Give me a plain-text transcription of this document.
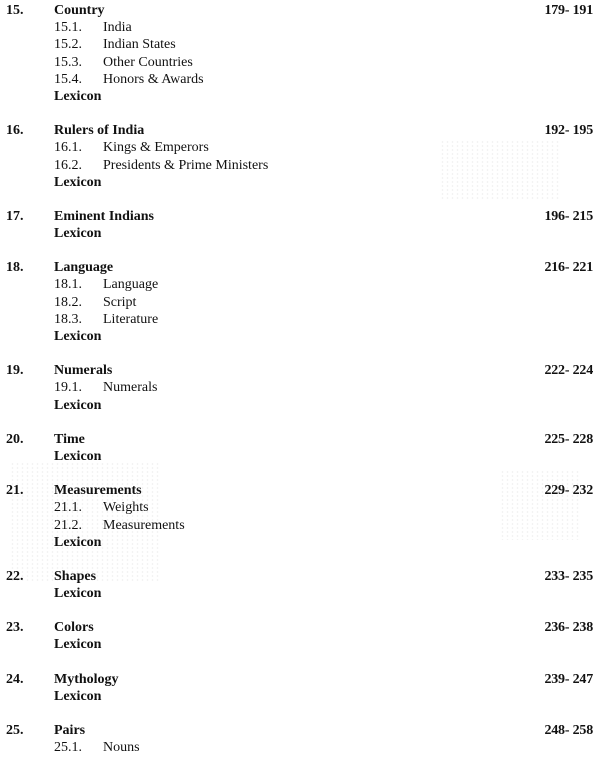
15. Country	179- 191
15.1. India
15.2. Indian States
15.3. Other Countries
15.4. Honors & Awards
Lexicon
16. Rulers of India	192- 195
16.1. Kings & Emperors
16.2. Presidents & Prime Ministers
Lexicon
17. Eminent Indians	196- 215
Lexicon
18. Language	216- 221
18.1. Language
18.2. Script
18.3. Literature
Lexicon
19. Numerals	222- 224
19.1. Numerals
Lexicon
20. Time	225- 228
Lexicon
21. Measurements	229- 232
21.1. Weights
21.2. Measurements
Lexicon
22. Shapes	233- 235
Lexicon
23. Colors	236- 238
Lexicon
24. Mythology	239- 247
Lexicon
25. Pairs	248- 258
25.1. Nouns
